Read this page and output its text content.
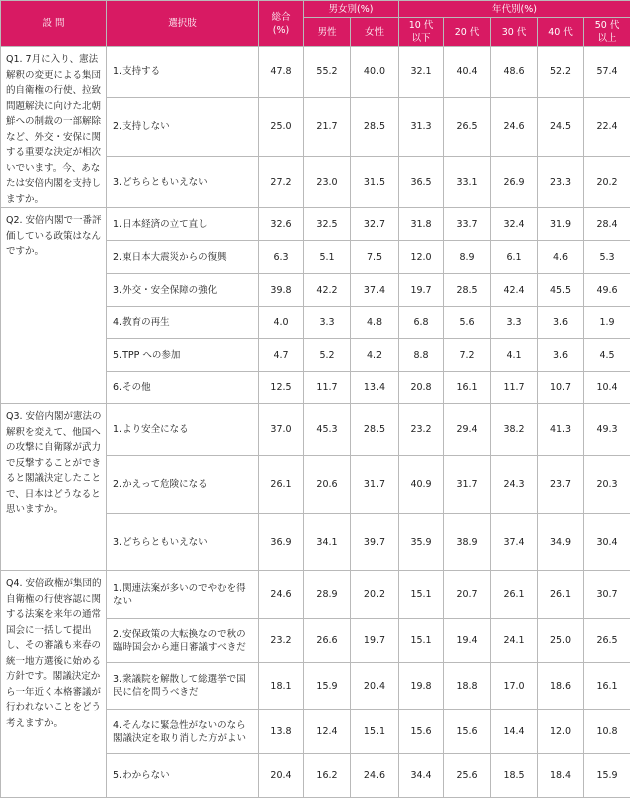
設 問	選択肢	総合(%)	男女別(%)		年代別(%)				
			男性	女性	10 代以下	20 代	30 代	40 代	50 代以上
Q1. 7月に入り、憲法解釈の変更による集団的自衛権の行使、拉致問題解決に向けた北朝鮮への制裁の一部解除など、外交・安保に関する重要な決定が相次いでいます。今、あなたは安倍内閣を支持しますか。	1.支持する	47.8	55.2	40.0	32.1	40.4	48.6	52.2	57.4
	2.支持しない	25.0	21.7	28.5	31.3	26.5	24.6	24.5	22.4
	3.どちらともいえない	27.2	23.0	31.5	36.5	33.1	26.9	23.3	20.2
Q2. 安倍内閣で一番評価している政策はなんですか。	1.日本経済の立て直し	32.6	32.5	32.7	31.8	33.7	32.4	31.9	28.4
	2.東日本大震災からの復興	6.3	5.1	7.5	12.0	8.9	6.1	4.6	5.3
	3.外交・安全保障の強化	39.8	42.2	37.4	19.7	28.5	42.4	45.5	49.6
	4.教育の再生	4.0	3.3	4.8	6.8	5.6	3.3	3.6	1.9
	5.TPP への参加	4.7	5.2	4.2	8.8	7.2	4.1	3.6	4.5
	6.その他	12.5	11.7	13.4	20.8	16.1	11.7	10.7	10.4
Q3. 安倍内閣が憲法の解釈を変えて、他国への攻撃に自衛隊が武力で反撃することができると閣議決定したことで、日本はどうなると思いますか。	1.より安全になる	37.0	45.3	28.5	23.2	29.4	38.2	41.3	49.3
	2.かえって危険になる	26.1	20.6	31.7	40.9	31.7	24.3	23.7	20.3
	3.どちらともいえない	36.9	34.1	39.7	35.9	38.9	37.4	34.9	30.4
Q4. 安倍政権が集団的自衛権の行使容認に関する法案を来年の通常国会に一括して提出し、その審議も来春の統一地方選後に始める方針です。閣議決定から一年近く本格審議が行われないことをどう考えますか。	1.関連法案が多いのでやむを得ない	24.6	28.9	20.2	15.1	20.7	26.1	26.1	30.7
	2.安保政策の大転換なので秋の臨時国会から連日審議すべきだ	23.2	26.6	19.7	15.1	19.4	24.1	25.0	26.5
	3.衆議院を解散して総選挙で国民に信を問うべきだ	18.1	15.9	20.4	19.8	18.8	17.0	18.6	16.1
	4.そんなに緊急性がないのなら閣議決定を取り消した方がよい	13.8	12.4	15.1	15.6	15.6	14.4	12.0	10.8
	5.わからない	20.4	16.2	24.6	34.4	25.6	18.5	18.4	15.9
